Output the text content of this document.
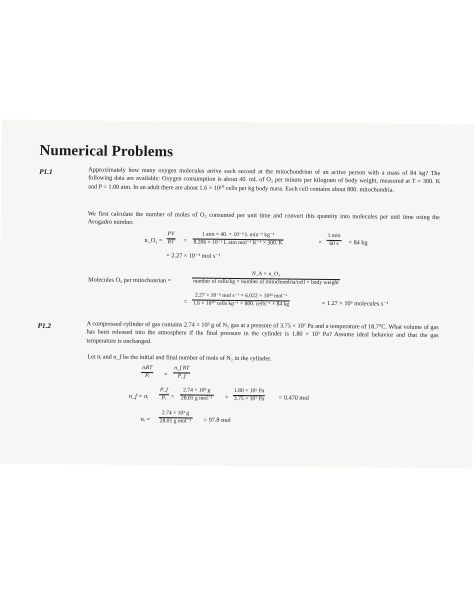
Numerical Problems
P1.1	Approximately how many oxygen molecules arrive each second at the mitochondrion of an active person with a mass of 84 kg? The following data are available: Oxygen consumption is about 40. mL of O₂ per minute per kilogram of body weight, measured at T = 300. K and P = 1.00 atm. In an adult there are about 1.6 × 10¹⁰ cells per kg body mass. Each cell contains about 800. mitochondria.
We first calculate the number of moles of O₂ consumed per unit time and convert this quantity into molecules per unit time using the Avogadro number.
n_O₂ =
PV
RT =
1 atm × 40. × 10⁻³ L min⁻¹ kg⁻¹
8.206 × 10⁻² L atm mol⁻¹ K⁻¹ × 300. K	×
1 min
60 s × 84 kg
= 2.27 × 10⁻³ mol s⁻¹
Molecules O₂ per mitochonrian =
N_A × n_O₂
number of cells/kg × number of mitochondria/cell × body weight
=
2.27 × 10⁻³ mol s⁻¹ × 6.022 × 10²³ mol⁻¹
1.6 × 10¹⁰ cells kg⁻¹ × 800. cells⁻¹ × 84 kg	= 1.27 × 10⁶ molecules s⁻¹
P1.2	A compressed cylinder of gas contains 2.74 × 10³ g of N₂ gas at a pressure of 3.75 × 10⁷ Pa and a temperature of 18.7°C. What volume of gas has been released into the atmosphere if the final pressure in the cylinder is 1.80 × 10⁵ Pa? Assume ideal behavior and that the gas temperature is unchanged.
Let nᵢ and n_f be the initial and final number of mols of N₂ in the cylinder.
nᵢRT
Pᵢ =
n_f RT
P_f
n_f = nᵢ
P_f
Pᵢ =
2.74 × 10³ g
28.01 g mol⁻¹ ×
1.80 × 10⁵ Pa
3.75 × 10⁷ Pa = 0.470 mol
nᵢ =
2.74 × 10³ g
28.01 g mol⁻¹ = 97.8 mol
